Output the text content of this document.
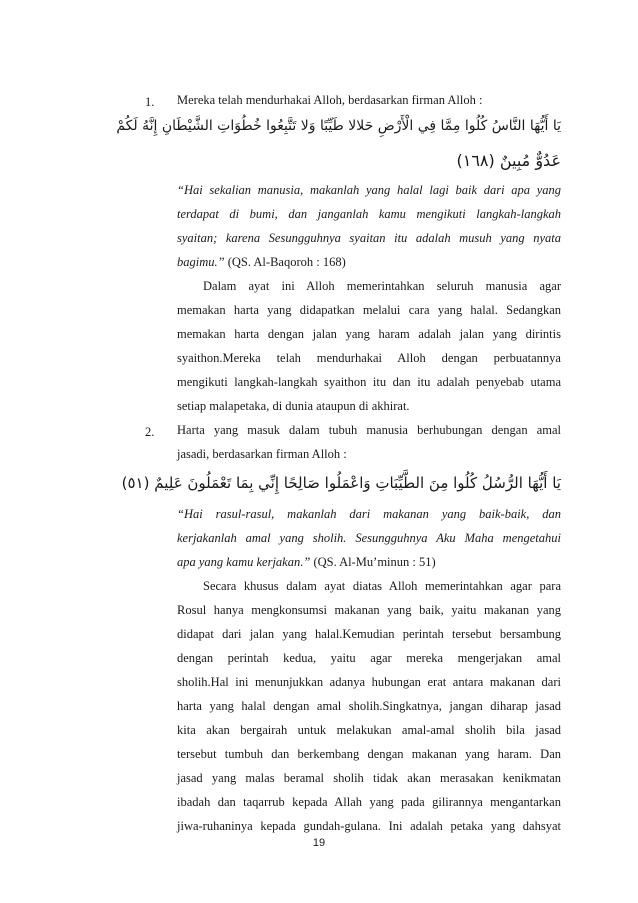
1. Mereka telah mendurhakai Alloh, berdasarkan firman Alloh :
يَا أَيُّهَا النَّاسُ كُلُوا مِمَّا فِي الْأَرْضِ حَلالا طَيِّبًا وَلا تَتَّبِعُوا خُطُوَاتِ الشَّيْطَانِ إِنَّهُ لَكُمْ
عَدُوٌّ مُبِينٌ (١٦٨)
“Hai sekalian manusia, makanlah yang halal lagi baik dari apa yang
terdapat di bumi, dan janganlah kamu mengikuti langkah-langkah
syaitan; karena Sesungguhnya syaitan itu adalah musuh yang nyata
bagimu.” (QS. Al-Baqoroh : 168)
Dalam ayat ini Alloh memerintahkan seluruh manusia agar
memakan harta yang didapatkan melalui cara yang halal. Sedangkan
memakan harta dengan jalan yang haram adalah jalan yang dirintis
syaithon.Mereka telah mendurhakai Alloh dengan perbuatannya
mengikuti langkah-langkah syaithon itu dan itu adalah penyebab utama
setiap malapetaka, di dunia ataupun di akhirat.
2. Harta yang masuk dalam tubuh manusia berhubungan dengan amal
jasadi, berdasarkan firman Alloh :
يَا أَيُّهَا الرُّسُلُ كُلُوا مِنَ الطَّيِّبَاتِ وَاعْمَلُوا صَالِحًا إِنِّي بِمَا تَعْمَلُونَ عَلِيمٌ (٥١)
“Hai rasul-rasul, makanlah dari makanan yang baik-baik, dan
kerjakanlah amal yang sholih. Sesungguhnya Aku Maha mengetahui
apa yang kamu kerjakan.” (QS. Al-Mu’minun : 51)
Secara khusus dalam ayat diatas Alloh memerintahkan agar para
Rosul hanya mengkonsumsi makanan yang baik, yaitu makanan yang
didapat dari jalan yang halal.Kemudian perintah tersebut bersambung
dengan perintah kedua, yaitu agar mereka mengerjakan amal
sholih.Hal ini menunjukkan adanya hubungan erat antara makanan dari
harta yang halal dengan amal sholih.Singkatnya, jangan diharap jasad
kita akan bergairah untuk melakukan amal-amal sholih bila jasad
tersebut tumbuh dan berkembang dengan makanan yang haram. Dan
jasad yang malas beramal sholih tidak akan merasakan kenikmatan
ibadah dan taqarrub kepada Allah yang pada gilirannya mengantarkan
jiwa-ruhaninya kepada gundah-gulana. Ini adalah petaka yang dahsyat
19
